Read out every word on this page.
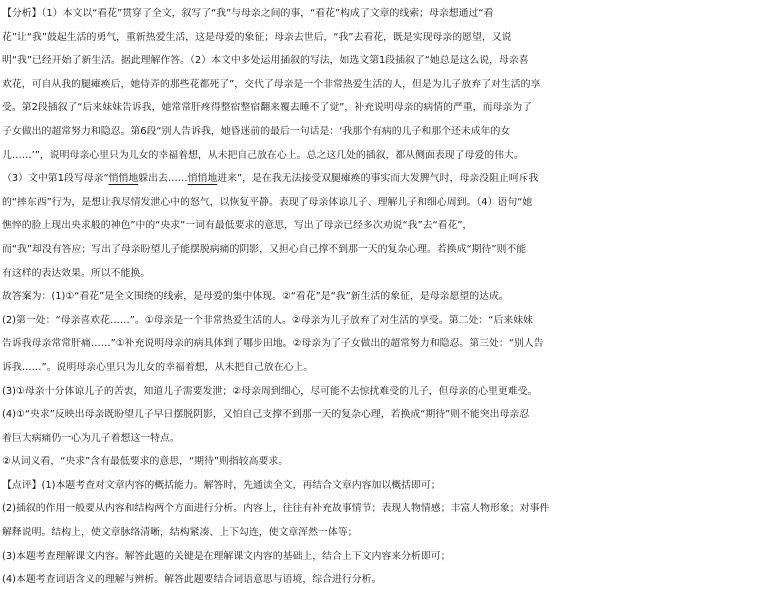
【分析】（1）本文以“看花”贯穿了全文，叙写了“我”与母亲之间的事，“看花”构成了文章的线索；母亲想通过“看
花”让“我”鼓起生活的勇气，重新热爱生活，这是母爱的象征；母亲去世后，“我”去看花，既是实现母亲的愿望，又说
明“我”已经开始了新生活。据此理解作答。（2）本文中多处运用插叙的写法，如选文第1段插叙了“她总是这么说，母亲喜
欢花，可自从我的腿瘫痪后，她侍弄的那些花都死了”，交代了母亲是一个非常热爱生活的人，但是为儿子放弃了对生活的享
受。第2段插叙了“后来妹妹告诉我，她常常肝疼得整宿整宿翻来覆去睡不了觉”，补充说明母亲的病情的严重，而母亲为了
子女做出的超常努力和隐忍。第6段“别人告诉我，她昏迷前的最后一句话是：‘我那个有病的儿子和那个还未成年的女
儿……’”，说明母亲心里只为儿女的幸福着想，从未把自己放在心上。总之这几处的插叙，都从侧面表现了母爱的伟大。
（3）文中第1段写母亲“悄悄地躲出去……悄悄地进来”，是在我无法接受双腿瘫痪的事实而大发脾气时，母亲没阻止呵斥我
的“摔东西”行为，是想让我尽情发泄心中的怒气，以恢复平静。表现了母亲体谅儿子、理解儿子和细心周到。（4）语句“她
憔悴的脸上现出央求般的神色”中的“央求”一词有最低要求的意思，写出了母亲已经多次劝说“我”去“看花”，
而“我”却没有答应；写出了母亲盼望儿子能摆脱病痛的阴影，又担心自己撑不到那一天的复杂心理。若换成“期待”则不能
有这样的表达效果。所以不能换。
故答案为：(1)①“看花”是全文围绕的线索，是母爱的集中体现。②“看花”是“我”新生活的象征，是母亲愿望的达成。
(2)第一处：“母亲喜欢花……”。①母亲是一个非常热爱生活的人。②母亲为儿子放弃了对生活的享受。第二处：“后来妹妹
告诉我母亲常常肝痛……”①补充说明母亲的病具体到了哪步田地。②母亲为了子女做出的超常努力和隐忍。第三处：“别人告
诉我……”。说明母亲心里只为儿女的幸福着想，从未把自己放在心上。
(3)①母亲十分体谅儿子的苦衷，知道儿子需要发泄；②母亲周到细心，尽可能不去惊扰难受的儿子，但母亲的心里更难受。
(4)①“央求”反映出母亲既盼望儿子早日摆脱阴影，又怕自己支撑不到那一天的复杂心理，若换成“期待”则不能突出母亲忍
着巨大病痛仍一心为儿子着想这一特点。
②从词义看，“央求”含有最低要求的意思，“期待”则指较高要求。
【点评】(1)本题考查对文章内容的概括能力。解答时，先通读全文，再结合文章内容加以概括即可；
(2)插叙的作用一般要从内容和结构两个方面进行分析。内容上，往往有补充故事情节；表现人物情感；丰富人物形象；对事件
解释说明。结构上，使文章脉络清晰，结构紧凑、上下勾连，使文章浑然一体等；
(3)本题考查理解课文内容。解答此题的关键是在理解课文内容的基础上，结合上下文内容来分析即可；
(4)本题考查词语含义的理解与辨析。解答此题要结合词语意思与语境，综合进行分析。
